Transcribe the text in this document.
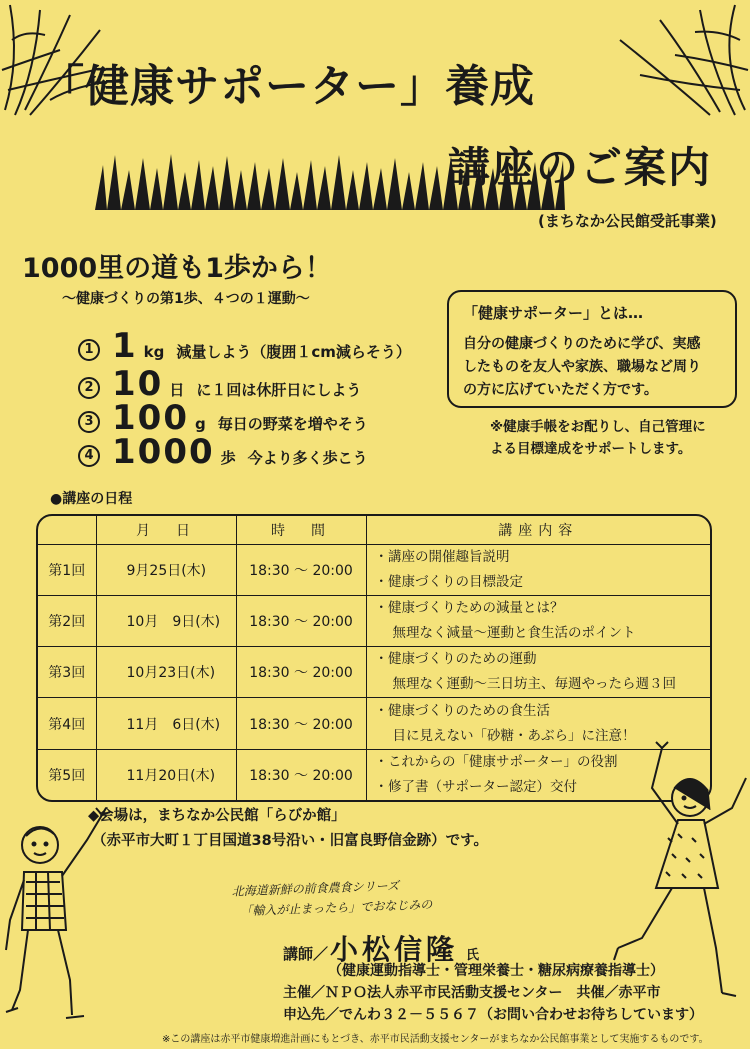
「健康サポーター」養成
講座のご案内
(まちなか公民館受託事業)
1000里の道も1歩から！
～健康づくりの第1歩、４つの１運動～
1 1 kg 減量しよう（腹囲１cm減らそう）
2 10 日 に１回は休肝日にしよう
3 100 g 毎日の野菜を増やそう
4 1000 歩 今より多く歩こう
「健康サポーター」とは…
自分の健康づくりのために学び、実感
したものを友人や家族、職場など周り
の方に広げていただく方です。
※健康手帳をお配りし、自己管理に
よる目標達成をサポートします。
●講座の日程
	月　日	時　間	講座内容
第1回	9月25日(木)	18:30 ～ 20:00	・講座の開催趣旨説明
・健康づくりの目標設定

第2回	10月　9日(木)	18:30 ～ 20:00	・健康づくりための減量とは？
無理なく減量～運動と食生活のポイント

第3回	10月23日(木)	18:30 ～ 20:00	・健康づくりのための運動
無理なく運動～三日坊主、毎週やったら週３回

第4回	11月　6日(木)	18:30 ～ 20:00	・健康づくりのための食生活
目に見えない「砂糖・あぶら」に注意！

第5回	11月20日(木)	18:30 ～ 20:00	・これからの「健康サポーター」の役割
・修了書（サポーター認定）交付
◆会場は，まちなか公民館「らびか館」
（赤平市大町１丁目国道38号沿い・旧富良野信金跡）です。
北海道新鮮の前食農食シリーズ
「輸入が止まったら」でおなじみの
講師／ 小松信隆 氏
（健康運動指導士・管理栄養士・糖尿病療養指導士）
主催／ＮＰＯ法人赤平市民活動支援センター　共催／赤平市
申込先／でんわ３２－５５６７（お問い合わせお待ちしています）
※この講座は赤平市健康増進計画にもとづき、赤平市民活動支援センターがまちなか公民館事業として実施するものです。
